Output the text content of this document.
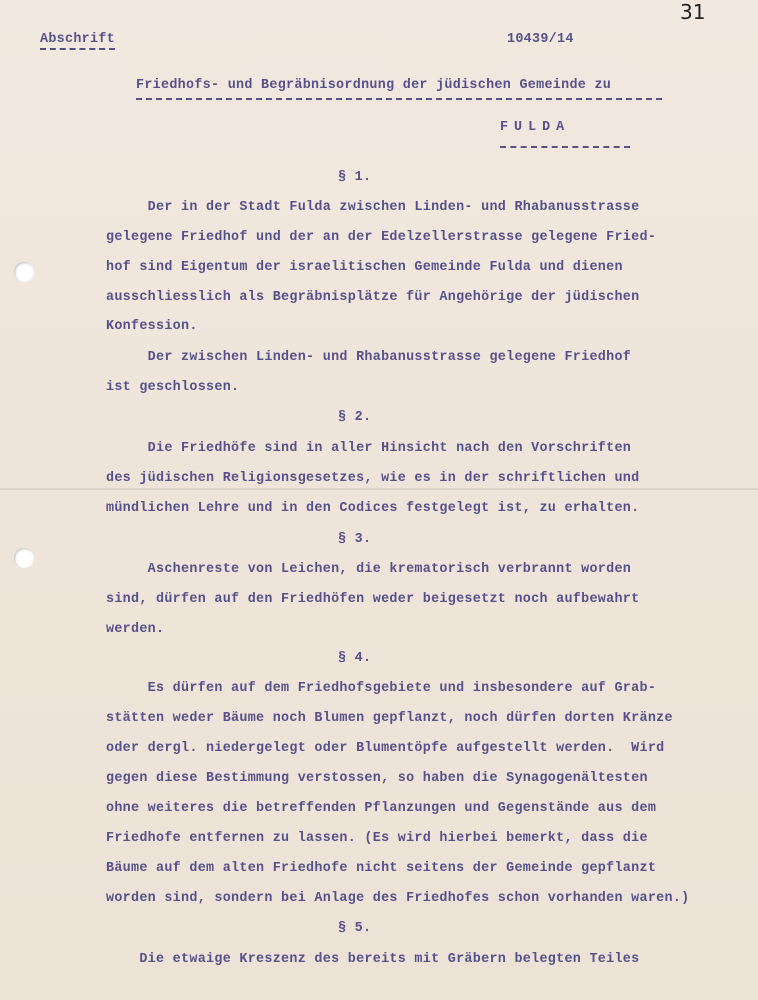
31
Abschrift	10439/14
Friedhofs- und Begräbnisordnung der jüdischen Gemeinde zu
FULDA
§ 1.
Der in der Stadt Fulda zwischen Linden- und Rhabanusstrasse
gelegene Friedhof und der an der Edelzellerstrasse gelegene Fried-
hof sind Eigentum der israelitischen Gemeinde Fulda und dienen
ausschliesslich als Begräbnisplätze für Angehörige der jüdischen
Konfession.
Der zwischen Linden- und Rhabanusstrasse gelegene Friedhof
ist geschlossen.
§ 2.
Die Friedhöfe sind in aller Hinsicht nach den Vorschriften
des jüdischen Religionsgesetzes, wie es in der schriftlichen und
mündlichen Lehre und in den Codices festgelegt ist, zu erhalten.
§ 3.
Aschenreste von Leichen, die krematorisch verbrannt worden
sind, dürfen auf den Friedhöfen weder beigesetzt noch aufbewahrt
werden.
§ 4.
Es dürfen auf dem Friedhofsgebiete und insbesondere auf Grab-
stätten weder Bäume noch Blumen gepflanzt, noch dürfen dorten Kränze
oder dergl. niedergelegt oder Blumentöpfe aufgestellt werden.  Wird
gegen diese Bestimmung verstossen, so haben die Synagogenältesten
ohne weiteres die betreffenden Pflanzungen und Gegenstände aus dem
Friedhofe entfernen zu lassen. (Es wird hierbei bemerkt, dass die
Bäume auf dem alten Friedhofe nicht seitens der Gemeinde gepflanzt
worden sind, sondern bei Anlage des Friedhofes schon vorhanden waren.)
§ 5.
Die etwaige Kreszenz des bereits mit Gräbern belegten Teiles
